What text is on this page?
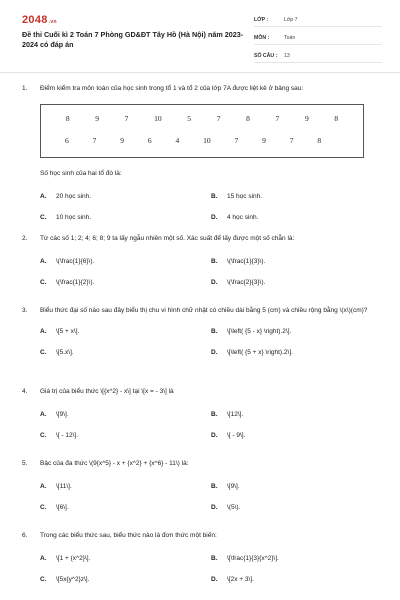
2048.vn
Đề thi Cuối kì 2 Toán 7 Phòng GD&ĐT Tây Hồ (Hà Nội) năm 2023-2024 có đáp án
LỚP :	Lớp 7
MÔN :	Toán
SỐ CÂU :	13
1.	Điểm kiểm tra môn toán của học sinh trong tổ 1 và tổ 2 của lớp 7A được liệt kê ở bảng sau:
8	9	7	10	5	7	8	7	9	8
6	7	9	6	4	10	7	9	7	8
Số học sinh của hai tổ đó là:
A.	20 học sinh.	B.	15 học sinh.
C.	10 học sinh.	D.	4 học sinh.
2.	Từ các số 1; 2; 4; 6; 8; 9 ta lấy ngẫu nhiên một số. Xác suất để lấy được một số chẵn là:
A.	\(\frac{1}{6}\).	B.	\(\frac{1}{3}\).
C.	\(\frac{1}{2}\).	D.	\(\frac{2}{3}\).
3.	Biểu thức đại số nào sau đây biểu thị chu vi hình chữ nhật có chiều dài bằng 5 (cm) và chiều rộng bằng \(x\)(cm)?
A.	\[5 + x\].	B.	\[\left( {5 - x} \right).2\].
C.	\[5.x\].	D.	\[\left( {5 + x} \right).2\].
4.	Giá trị của biểu thức \[{x^2} - x\] tại \[x = - 3\] là
A.	\[9\].	B.	\[12\].
C.	\[ - 12\].	D.	\[ - 9\].
5.	Bậc của đa thức \(9{x^5} - x + {x^2} + {x^6} - 11\) là:
A.	\[11\].	B.	\[9\].
C.	\[6\].	D.	\(5\).
6.	Trong các biểu thức sau, biểu thức nào là đơn thức một biến:
A.	\[1 + {x^2}\].	B.	\[\frac{1}{3}{x^2}\].
C.	\[5x{y^2}z\].	D.	\[2x + 3\].
